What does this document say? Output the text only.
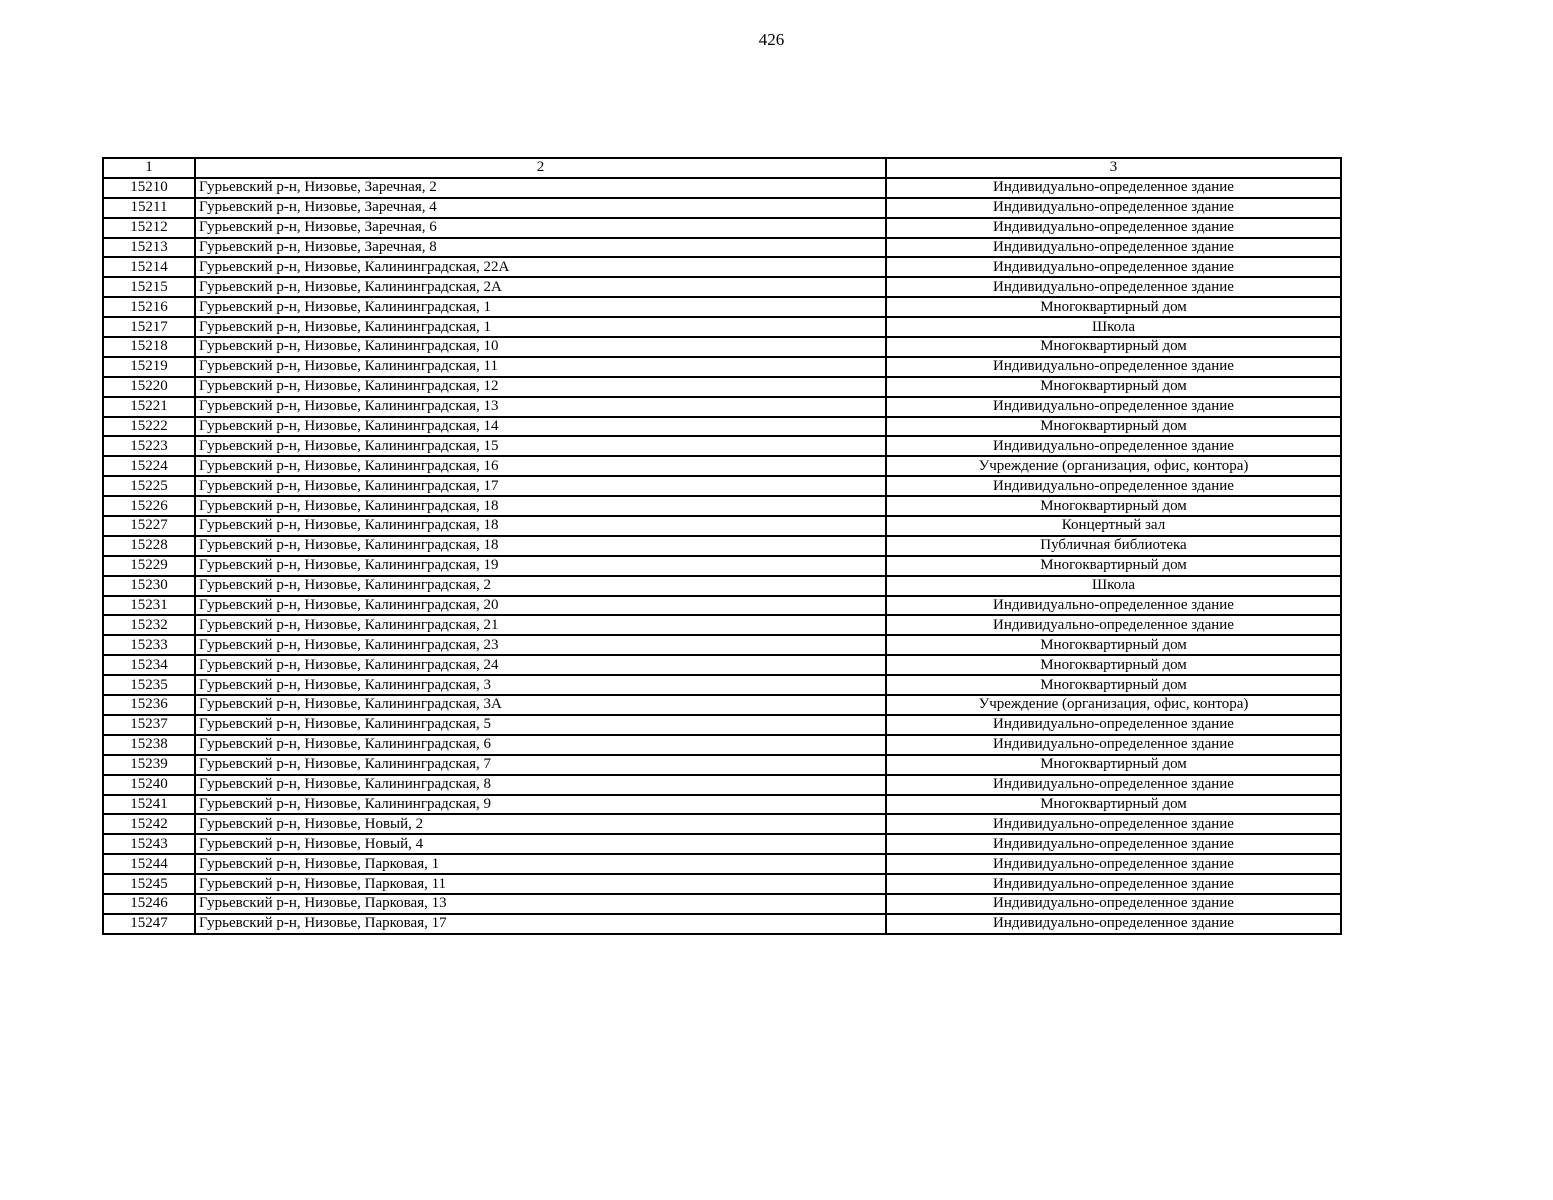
426
1	2	3
15210	Гурьевский р-н, Низовье, Заречная, 2	Индивидуально-определенное здание
15211	Гурьевский р-н, Низовье, Заречная, 4	Индивидуально-определенное здание
15212	Гурьевский р-н, Низовье, Заречная, 6	Индивидуально-определенное здание
15213	Гурьевский р-н, Низовье, Заречная, 8	Индивидуально-определенное здание
15214	Гурьевский р-н, Низовье, Калининградская, 22А	Индивидуально-определенное здание
15215	Гурьевский р-н, Низовье, Калининградская, 2А	Индивидуально-определенное здание
15216	Гурьевский р-н, Низовье, Калининградская, 1	Многоквартирный дом
15217	Гурьевский р-н, Низовье, Калининградская, 1	Школа
15218	Гурьевский р-н, Низовье, Калининградская, 10	Многоквартирный дом
15219	Гурьевский р-н, Низовье, Калининградская, 11	Индивидуально-определенное здание
15220	Гурьевский р-н, Низовье, Калининградская, 12	Многоквартирный дом
15221	Гурьевский р-н, Низовье, Калининградская, 13	Индивидуально-определенное здание
15222	Гурьевский р-н, Низовье, Калининградская, 14	Многоквартирный дом
15223	Гурьевский р-н, Низовье, Калининградская, 15	Индивидуально-определенное здание
15224	Гурьевский р-н, Низовье, Калининградская, 16	Учреждение (организация, офис, контора)
15225	Гурьевский р-н, Низовье, Калининградская, 17	Индивидуально-определенное здание
15226	Гурьевский р-н, Низовье, Калининградская, 18	Многоквартирный дом
15227	Гурьевский р-н, Низовье, Калининградская, 18	Концертный зал
15228	Гурьевский р-н, Низовье, Калининградская, 18	Публичная библиотека
15229	Гурьевский р-н, Низовье, Калининградская, 19	Многоквартирный дом
15230	Гурьевский р-н, Низовье, Калининградская, 2	Школа
15231	Гурьевский р-н, Низовье, Калининградская, 20	Индивидуально-определенное здание
15232	Гурьевский р-н, Низовье, Калининградская, 21	Индивидуально-определенное здание
15233	Гурьевский р-н, Низовье, Калининградская, 23	Многоквартирный дом
15234	Гурьевский р-н, Низовье, Калининградская, 24	Многоквартирный дом
15235	Гурьевский р-н, Низовье, Калининградская, 3	Многоквартирный дом
15236	Гурьевский р-н, Низовье, Калининградская, 3А	Учреждение (организация, офис, контора)
15237	Гурьевский р-н, Низовье, Калининградская, 5	Индивидуально-определенное здание
15238	Гурьевский р-н, Низовье, Калининградская, 6	Индивидуально-определенное здание
15239	Гурьевский р-н, Низовье, Калининградская, 7	Многоквартирный дом
15240	Гурьевский р-н, Низовье, Калининградская, 8	Индивидуально-определенное здание
15241	Гурьевский р-н, Низовье, Калининградская, 9	Многоквартирный дом
15242	Гурьевский р-н, Низовье, Новый, 2	Индивидуально-определенное здание
15243	Гурьевский р-н, Низовье, Новый, 4	Индивидуально-определенное здание
15244	Гурьевский р-н, Низовье, Парковая, 1	Индивидуально-определенное здание
15245	Гурьевский р-н, Низовье, Парковая, 11	Индивидуально-определенное здание
15246	Гурьевский р-н, Низовье, Парковая, 13	Индивидуально-определенное здание
15247	Гурьевский р-н, Низовье, Парковая, 17	Индивидуально-определенное здание
